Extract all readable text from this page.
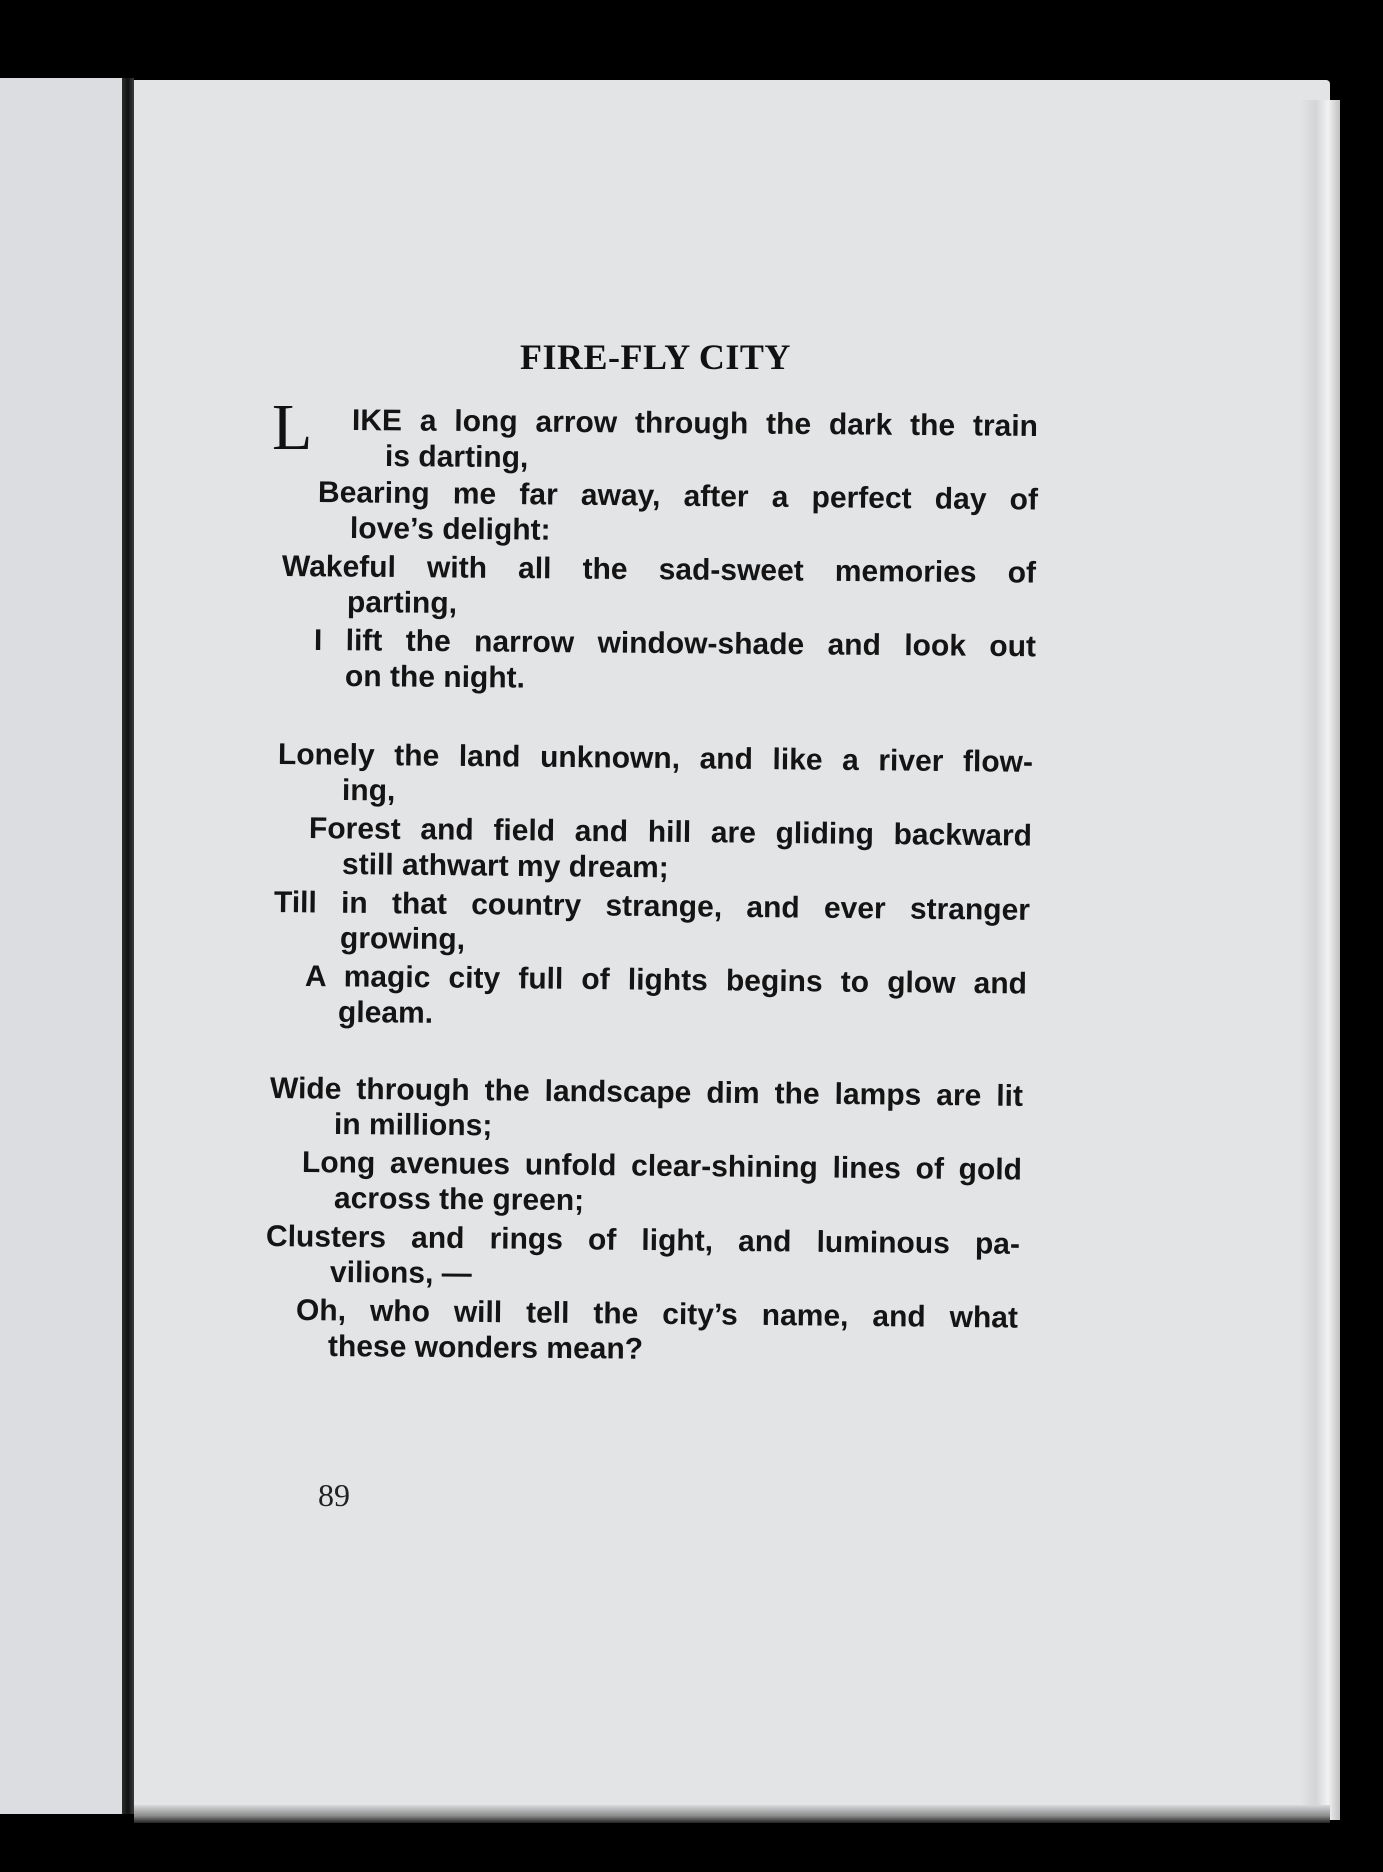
FIRE-FLY CITY
L IKE a long arrow through the dark the train
is darting,
Bearing me far away, after a perfect day of
love’s delight:
Wakeful with all the sad-sweet memories of
parting,
I lift the narrow window-shade and look out
on the night.
Lonely the land unknown, and like a river flow-
ing,
Forest and field and hill are gliding backward
still athwart my dream;
Till in that country strange, and ever stranger
growing,
A magic city full of lights begins to glow and
gleam.
Wide through the landscape dim the lamps are lit
in millions;
Long avenues unfold clear-shining lines of gold
across the green;
Clusters and rings of light, and luminous pa-
vilions, —
Oh, who will tell the city’s name, and what
these wonders mean?
89
